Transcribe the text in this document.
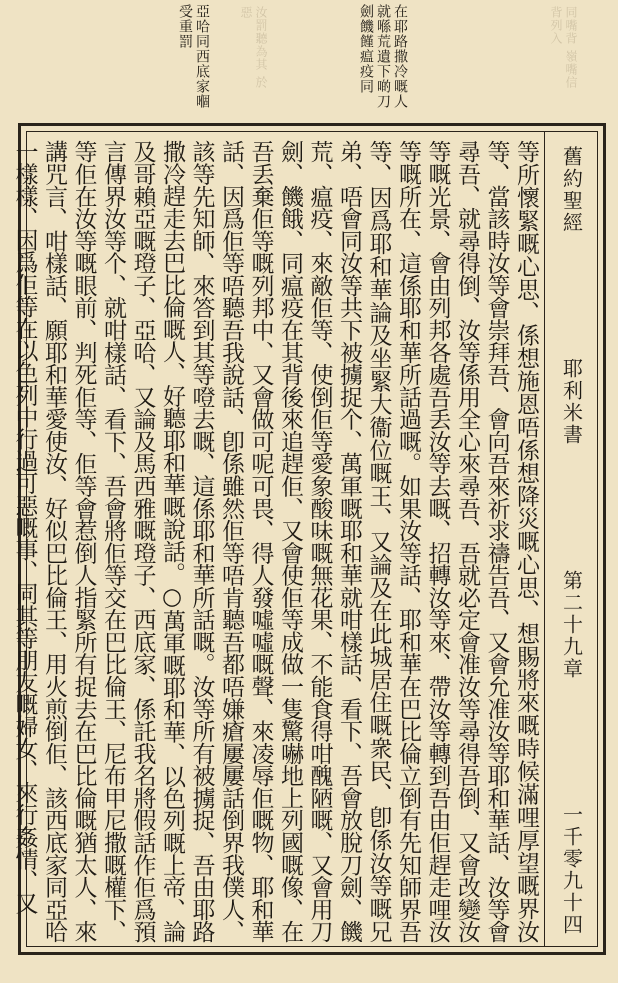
汝罰聽為其 於惡	同嘴背 嶺嘴信背列入
亞哈同西底家嗰受重罰	在耶路撒冷嘅人就喺荒遺下啲刀劍饑饉瘟疫同
舊約聖經
耶利米書
第二十九章
一千零九十四
等所懷緊嘅心思、係想施恩唔係想降災嘅心思、想賜將來嘅時候滿哩厚望嘅界汝等、當該時汝等會崇拜吾、會向吾來祈求禱告吾、又會允准汝等耶和華話、汝等會尋吾、就尋得倒、汝等係用全心來尋吾、吾就必定會准汝等尋得吾倒、又會改變汝等嘅光景、會由列邦各處吾丢汝等去嘅、招轉汝等來、帶汝等轉到吾由佢趕走哩汝等嘅所在、這係耶和華所話過嘅。如果汝等話、耶和華在巴比倫立倒有先知師界吾等、因爲耶和華論及坐緊大衞位嘅王、又論及在此城居住嘅衆民、卽係汝等嘅兄弟、唔會同汝等共下被擄捉个、萬軍嘅耶和華就咁樣話、看下、吾會放脫刀劍、饑荒、瘟疫、來敵佢等、使倒佢等愛象酸味嘅無花果、不能食得咁醜陋嘅、又會用刀劍、饑餓、同瘟疫在其背後來追趕佢、又會使佢等成做一隻驚嚇地上列國嘅像、在吾丢棄佢等嘅列邦中、又會做可呢可畏、得人發噓噓嘅聲、來凌辱佢嘅物、耶和華話、因爲佢等唔聽吾我說話、卽係雖然佢等唔肯聽吾都唔嫌瘡屢屢話倒界我僕人、該等先知師、來答到其等噔去嘅、這係耶和華所話嘅。汝等所有被擄捉、吾由耶路撒冷趕走去巴比倫嘅人、好聽耶和華嘅說話。○萬軍嘅耶和華、以色列嘅上帝、論及哥賴亞嘅璒子、亞哈、又論及馬西雅嘅璒子、西底家、係託我名將假話作佢爲預言傳界汝等个、就咁樣話、看下、吾會將佢等交在巴比倫王、尼布甲尼撒嘅權下、等佢在汝等嘅眼前、判死佢等、佢等會惹倒人指緊所有捉去在巴比倫嘅猶太人、來講咒言、咁樣話、願耶和華愛使汝、好似巴比倫王、用火煎倒佢、該西底家同亞哈一樣樣、因爲佢等在以色列中行過可惡嘅事、同其等朋友嘅婦女、來行姦情、又
